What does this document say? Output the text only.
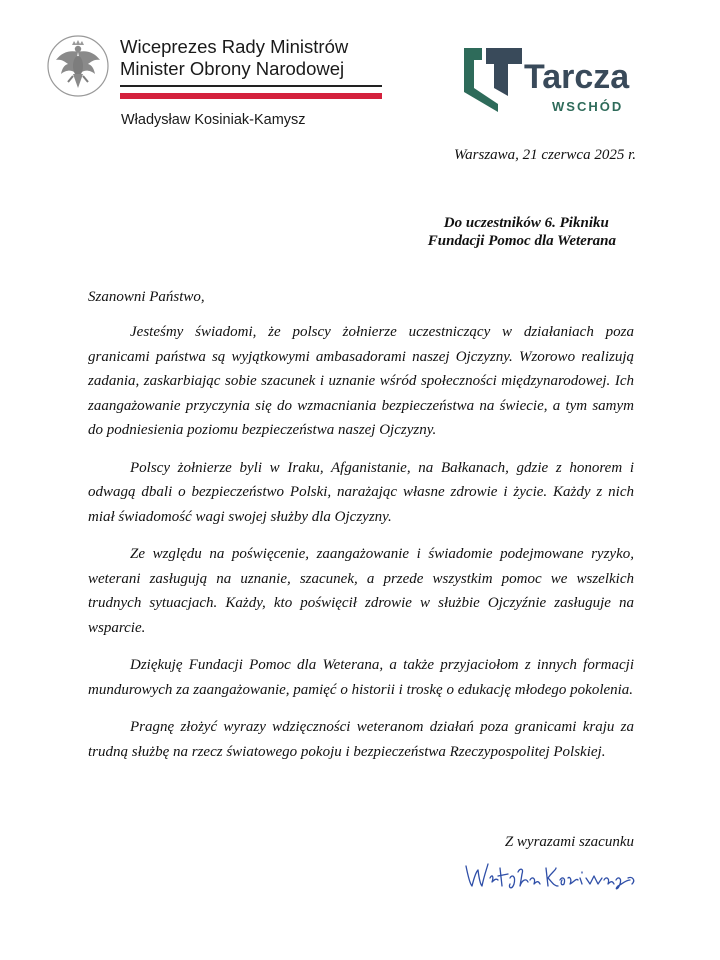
Wiceprezes Rady Ministrów
Minister Obrony Narodowej
Władysław Kosiniak-Kamysz
Tarcza
WSCHÓD
Warszawa, 21 czerwca 2025 r.
Do uczestników 6. Pikniku
Fundacji Pomoc dla Weterana
Szanowni Państwo,

Jesteśmy świadomi, że polscy żołnierze uczestniczący w działaniach poza granicami państwa są wyjątkowymi ambasadorami naszej Ojczyzny. Wzorowo realizują zadania, zaskarbiając sobie szacunek i uznanie wśród społeczności międzynarodowej. Ich zaangażowanie przyczynia się do wzmacniania bezpieczeństwa na świecie, a tym samym do podniesienia poziomu bezpieczeństwa naszej Ojczyzny.

Polscy żołnierze byli w Iraku, Afganistanie, na Bałkanach, gdzie z honorem i odwagą dbali o bezpieczeństwo Polski, narażając własne zdrowie i życie. Każdy z nich miał świadomość wagi swojej służby dla Ojczyzny.

Ze względu na poświęcenie, zaangażowanie i świadomie podejmowane ryzyko, weterani zasługują na uznanie, szacunek, a przede wszystkim pomoc we wszelkich trudnych sytuacjach. Każdy, kto poświęcił zdrowie w służbie Ojczyźnie zasługuje na wsparcie.

Dziękuję Fundacji Pomoc dla Weterana, a także przyjaciołom z innych formacji mundurowych za zaangażowanie, pamięć o historii i troskę o edukację młodego pokolenia.

Pragnę złożyć wyrazy wdzięczności weteranom działań poza granicami kraju za trudną służbę na rzecz światowego pokoju i bezpieczeństwa Rzeczypospolitej Polskiej.

Z wyrazami szacunku
